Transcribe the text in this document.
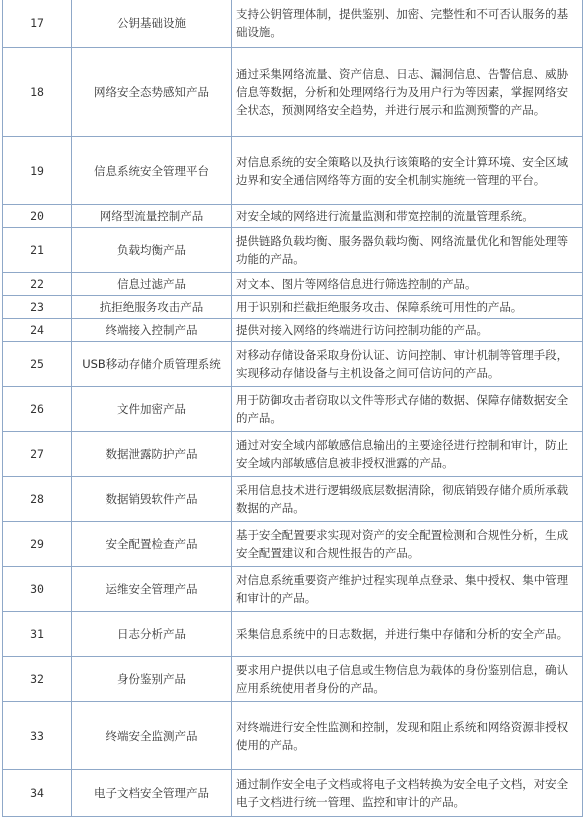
17	公钥基础设施	支持公钥管理体制，提供鉴别、加密、完整性和不可否认服务的基础设施。
18	网络安全态势感知产品	通过采集网络流量、资产信息、日志、漏洞信息、告警信息、威胁信息等数据，分析和处理网络行为及用户行为等因素，掌握网络安全状态，预测网络安全趋势，并进行展示和监测预警的产品。
19	信息系统安全管理平台	对信息系统的安全策略以及执行该策略的安全计算环境、安全区域边界和安全通信网络等方面的安全机制实施统一管理的平台。
20	网络型流量控制产品	对安全域的网络进行流量监测和带宽控制的流量管理系统。
21	负载均衡产品	提供链路负载均衡、服务器负载均衡、网络流量优化和智能处理等功能的产品。
22	信息过滤产品	对文本、图片等网络信息进行筛选控制的产品。
23	抗拒绝服务攻击产品	用于识别和拦截拒绝服务攻击、保障系统可用性的产品。
24	终端接入控制产品	提供对接入网络的终端进行访问控制功能的产品。
25	USB移动存储介质管理系统	对移动存储设备采取身份认证、访问控制、审计机制等管理手段，实现移动存储设备与主机设备之间可信访问的产品。
26	文件加密产品	用于防御攻击者窃取以文件等形式存储的数据、保障存储数据安全的产品。
27	数据泄露防护产品	通过对安全域内部敏感信息输出的主要途径进行控制和审计，防止安全域内部敏感信息被非授权泄露的产品。
28	数据销毁软件产品	采用信息技术进行逻辑级底层数据清除，彻底销毁存储介质所承载数据的产品。
29	安全配置检查产品	基于安全配置要求实现对资产的安全配置检测和合规性分析，生成安全配置建议和合规性报告的产品。
30	运维安全管理产品	对信息系统重要资产维护过程实现单点登录、集中授权、集中管理和审计的产品。
31	日志分析产品	采集信息系统中的日志数据，并进行集中存储和分析的安全产品。
32	身份鉴别产品	要求用户提供以电子信息或生物信息为载体的身份鉴别信息，确认应用系统使用者身份的产品。
33	终端安全监测产品	对终端进行安全性监测和控制，发现和阻止系统和网络资源非授权使用的产品。
34	电子文档安全管理产品	通过制作安全电子文档或将电子文档转换为安全电子文档，对安全电子文档进行统一管理、监控和审计的产品。
